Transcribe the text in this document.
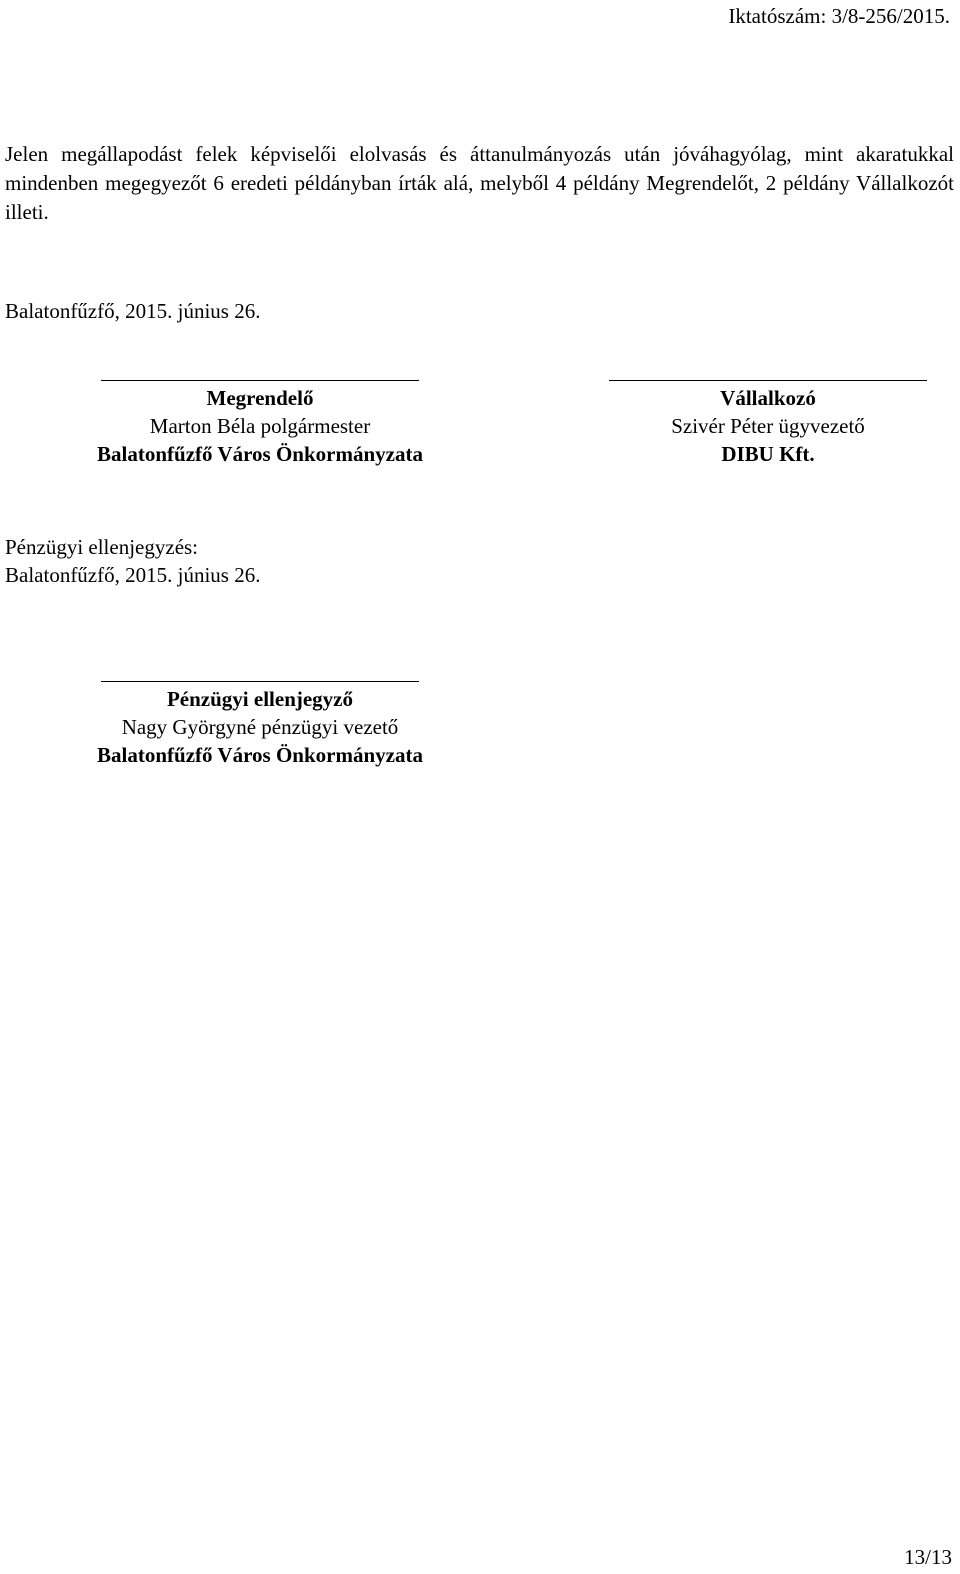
Iktatószám: 3/8-256/2015.
Jelen megállapodást felek képviselői elolvasás és áttanulmányozás után jóváhagyólag, mint akaratukkal mindenben megegyezőt 6 eredeti példányban írták alá, melyből 4 példány Megrendelőt, 2 példány Vállalkozót illeti.
Balatonfűzfő, 2015. június 26.
Megrendelő
Marton Béla polgármester
Balatonfűzfő Város Önkormányzata
Vállalkozó
Szivér Péter ügyvezető
DIBU Kft.
Pénzügyi ellenjegyzés:
Balatonfűzfő, 2015. június 26.
Pénzügyi ellenjegyző
Nagy Györgyné pénzügyi vezető
Balatonfűzfő Város Önkormányzata
13/13
